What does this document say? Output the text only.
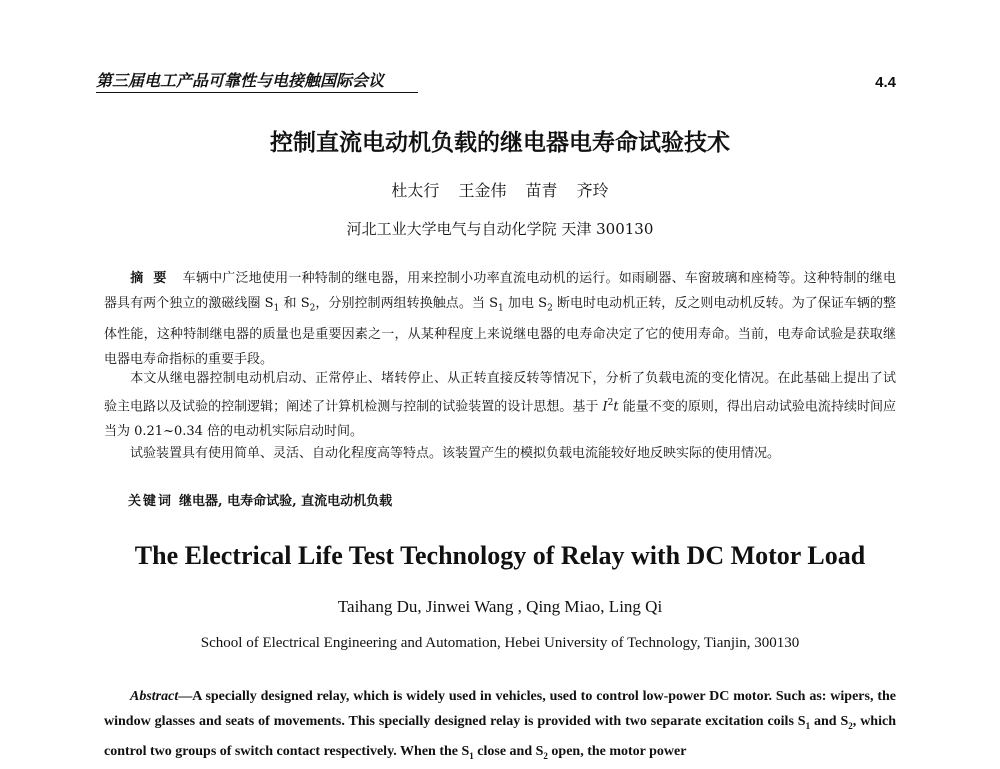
第三届电工产品可靠性与电接触国际会议	4.4
控制直流电动机负载的继电器电寿命试验技术
杜太行 王金伟 苗青 齐玲
河北工业大学电气与自动化学院 天津 300130
摘要 车辆中广泛地使用一种特制的继电器，用来控制小功率直流电动机的运行。如雨刷器、车窗玻璃和座椅等。这种特制的继电器具有两个独立的激磁线圈 $S_1$ 和 $S_2$，分别控制两组转换触点。当 $S_1$ 加电 $S_2$ 断电时电动机正转，反之则电动机反转。为了保证车辆的整体性能，这种特制继电器的质量也是重要因素之一，从某种程度上来说继电器的电寿命决定了它的使用寿命。当前，电寿命试验是获取继电器电寿命指标的重要手段。
本文从继电器控制电动机启动、正常停止、堵转停止、从正转直接反转等情况下，分析了负载电流的变化情况。在此基础上提出了试验主电路以及试验的控制逻辑；阐述了计算机检测与控制的试验装置的设计思想。基于 $I^2t$ 能量不变的原则，得出启动试验电流持续时间应当为 0.21~0.34 倍的电动机实际启动时间。
试验装置具有使用简单、灵活、自动化程度高等特点。该装置产生的模拟负载电流能较好地反映实际的使用情况。
关键词 继电器, 电寿命试验, 直流电动机负载
The Electrical Life Test Technology of Relay with DC Motor Load
Taihang Du, Jinwei Wang , Qing Miao, Ling Qi
School of Electrical Engineering and Automation, Hebei University of Technology, Tianjin, 300130
Abstract—A specially designed relay, which is widely used in vehicles, used to control low-power DC motor. Such as: wipers, the window glasses and seats of movements. This specially designed relay is provided with two separate excitation coils $S_1$ and $S_2$, which control two groups of switch contact respectively. When the $S_1$ close and $S_2$ open, the motor power
